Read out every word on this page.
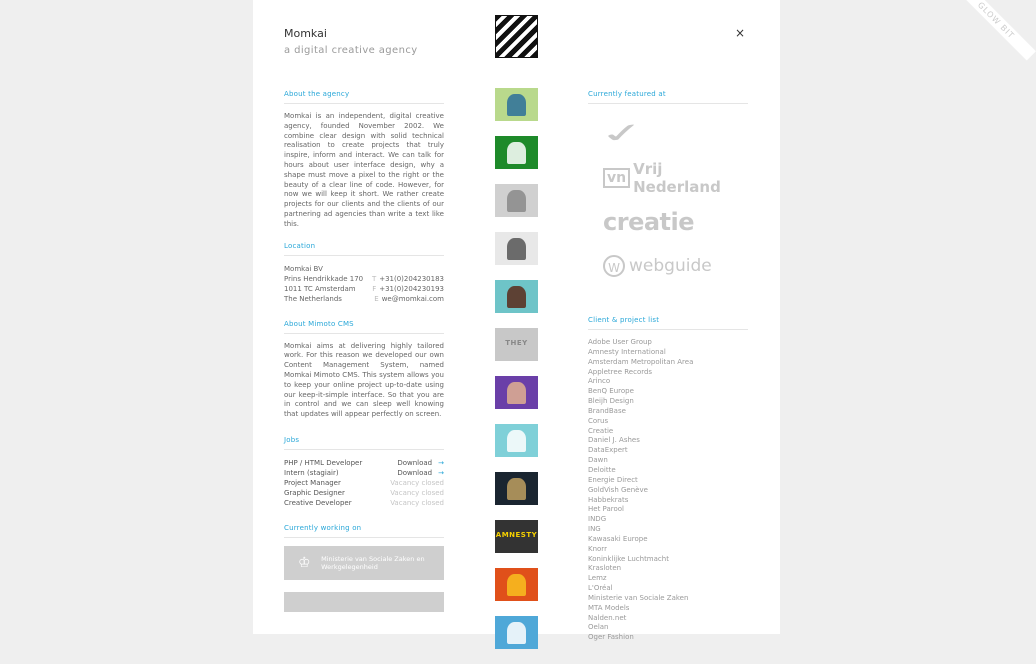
Momkai
a digital creative agency
×
About the agency

Momkai is an independent, digital creative agency, founded November 2002. We combine clear design with solid technical realisation to create projects that truly inspire, inform and interact. We can talk for hours about user interface design, why a shape must move a pixel to the right or the beauty of a clear line of code. However, for now we will keep it short. We rather create projects for our clients and the clients of our partnering ad agencies than write a text like this.

Location
Momkai BV
Prins Hendrikkade 170 T +31(0)204230183
1011 TC Amsterdam F +31(0)204230193
The Netherlands	E we@momkai.com
About Mimoto CMS

Momkai aims at delivering highly tailored work. For this reason we developed our own Content Management System, named Momkai Mimoto CMS. This system allows you to keep your online project up-to-date using our keep-it-simple interface. So that you are in control and we can sleep well knowing that updates will appear perfectly on screen.

Jobs
PHP / HTML Developer	Download →
Intern (stagiair)	Download →
Project Manager	Vacancy closed
Graphic Designer	Vacancy closed
Creative Developer	Vacancy closed
Currently working on
♔	Ministerie van Sociale Zaken en Werkgelegenheid
THEY
AMNESTY
Currently featured at
✓
vn Vrij Nederland
creatie
W webguide
Client & project list
Adobe User Group
Amnesty International
Amsterdam Metropolitan Area
Appletree Records
Arinco
BenQ Europe
Bleijh Design
BrandBase
Corus
Creatie
Daniel J. Ashes
DataExpert
Dawn
Deloitte
Energie Direct
GoldVish Genève
Habbekrats
Het Parool
INDG
ING
Kawasaki Europe
Knorr
Koninklijke Luchtmacht
Krasloten
Lemz
L'Oréal
Ministerie van Sociale Zaken
MTA Models
Nalden.net
Oelan
Oger Fashion
GLOW BIT
